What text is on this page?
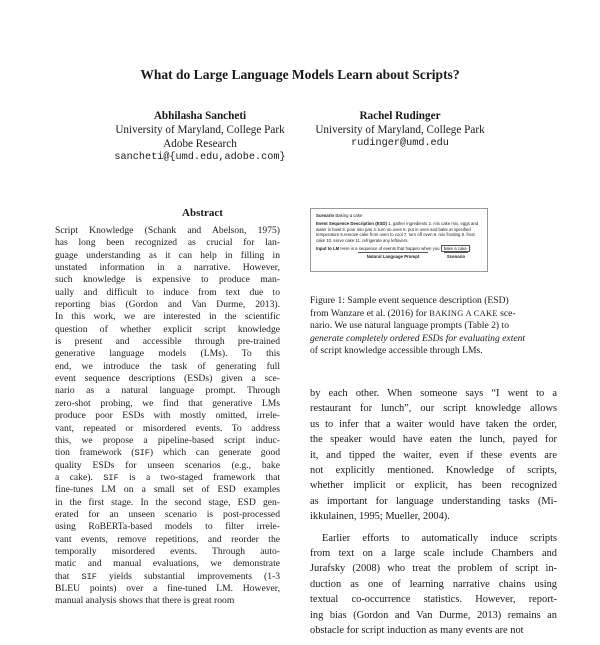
What do Large Language Models Learn about Scripts?
Abhilasha Sancheti
University of Maryland, College Park
Adobe Research
sancheti@{umd.edu,adobe.com}
Rachel Rudinger
University of Maryland, College Park
rudinger@umd.edu
Abstract
Script Knowledge (Schank and Abelson, 1975)
has long been recognized as crucial for lan-
guage understanding as it can help in filling in
unstated information in a narrative. However,
such knowledge is expensive to produce man-
ually and difficult to induce from text due to
reporting bias (Gordon and Van Durme, 2013).
In this work, we are interested in the scientific
question of whether explicit script knowledge
is present and accessible through pre-trained
generative language models (LMs). To this
end, we introduce the task of generating full
event sequence descriptions (ESDs) given a sce-
nario as a natural language prompt. Through
zero-shot probing, we find that generative LMs
produce poor ESDs with mostly omitted, irrele-
vant, repeated or misordered events. To address
this, we propose a pipeline-based script induc-
tion framework (SIF) which can generate good
quality ESDs for unseen scenarios (e.g., bake
a cake). SIF is a two-staged framework that
fine-tunes LM on a small set of ESD examples
in the first stage. In the second stage, ESD gen-
erated for an unseen scenario is post-processed
using RoBERTa-based models to filter irrele-
vant events, remove repetitions, and reorder the
temporally misordered events. Through auto-
matic and manual evaluations, we demonstrate
that SIF yields substantial improvements (1-3
BLEU points) over a fine-tuned LM. However,
manual analysis shows that there is great room
Scenario Baking a cake
Event Sequence Description (ESD) 1. gather ingredients 2. mix cake mix, eggs and water in bowl 3. pour into pan 4. turn on oven 5. put in oven and bake at specified temperature 6.remove cake from oven to cool 7. turn off oven 8. mix frosting 9. frost cake 10. serve cake 11. refrigerate any leftovers.
Input to LM Here is a sequence of events that happen when you bake a cake :
Natural Language Prompt	Scenario
Figure 1: Sample event sequence description (ESD)
from Wanzare et al. (2016) for BAKING A CAKE sce-
nario. We use natural language prompts (Table 2) to
generate completely ordered ESDs for evaluating extent
of script knowledge accessible through LMs.

by each other. When someone says “I went to a
restaurant for lunch”, our script knowledge allows
us to infer that a waiter would have taken the order,
the speaker would have eaten the lunch, payed for
it, and tipped the waiter, even if these events are
not explicitly mentioned. Knowledge of scripts,
whether implicit or explicit, has been recognized
as important for language understanding tasks (Mi-
ikkulainen, 1995; Mueller, 2004).

Earlier efforts to automatically induce scripts
from text on a large scale include Chambers and
Jurafsky (2008) who treat the problem of script in-
duction as one of learning narrative chains using
textual co-occurrence statistics. However, report-
ing bias (Gordon and Van Durme, 2013) remains an
obstacle for script induction as many events are not
